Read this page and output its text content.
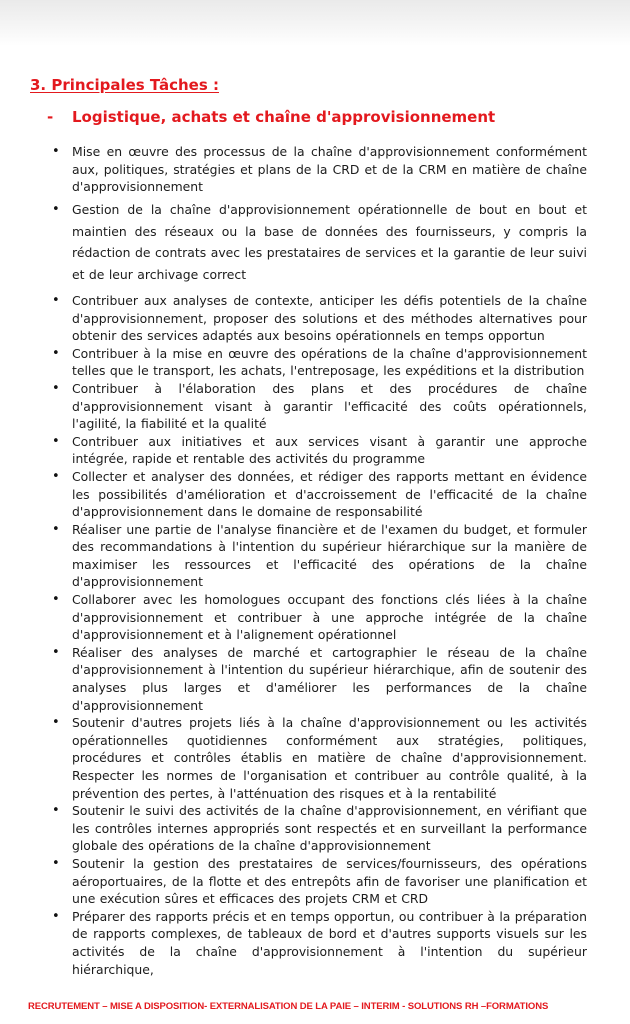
3. Principales Tâches :
-	Logistique, achats et chaîne d'approvisionnement
• Mise en œuvre des processus de la chaîne d'approvisionnement conformément aux, politiques, stratégies et plans de la CRD et de la CRM en matière de chaîne d'approvisionnement
• Gestion de la chaîne d'approvisionnement opérationnelle de bout en bout et maintien des réseaux ou la base de données des fournisseurs, y compris la rédaction de contrats avec les prestataires de services et la garantie de leur suivi et de leur archivage correct
• Contribuer aux analyses de contexte, anticiper les défis potentiels de la chaîne d'approvisionnement, proposer des solutions et des méthodes alternatives pour obtenir des services adaptés aux besoins opérationnels en temps opportun
• Contribuer à la mise en œuvre des opérations de la chaîne d'approvisionnement telles que le transport, les achats, l'entreposage, les expéditions et la distribution
• Contribuer à l'élaboration des plans et des procédures de chaîne d'approvisionnement visant à garantir l'efficacité des coûts opérationnels, l'agilité, la fiabilité et la qualité
• Contribuer aux initiatives et aux services visant à garantir une approche intégrée, rapide et rentable des activités du programme
• Collecter et analyser des données, et rédiger des rapports mettant en évidence les possibilités d'amélioration et d'accroissement de l'efficacité de la chaîne d'approvisionnement dans le domaine de responsabilité
• Réaliser une partie de l'analyse financière et de l'examen du budget, et formuler des recommandations à l'intention du supérieur hiérarchique sur la manière de maximiser les ressources et l'efficacité des opérations de la chaîne d'approvisionnement
• Collaborer avec les homologues occupant des fonctions clés liées à la chaîne d'approvisionnement et contribuer à une approche intégrée de la chaîne d'approvisionnement et à l'alignement opérationnel
• Réaliser des analyses de marché et cartographier le réseau de la chaîne d'approvisionnement à l'intention du supérieur hiérarchique, afin de soutenir des analyses plus larges et d'améliorer les performances de la chaîne d'approvisionnement
• Soutenir d'autres projets liés à la chaîne d'approvisionnement ou les activités opérationnelles quotidiennes conformément aux stratégies, politiques, procédures et contrôles établis en matière de chaîne d'approvisionnement. Respecter les normes de l'organisation et contribuer au contrôle qualité, à la prévention des pertes, à l'atténuation des risques et à la rentabilité
• Soutenir le suivi des activités de la chaîne d'approvisionnement, en vérifiant que les contrôles internes appropriés sont respectés et en surveillant la performance globale des opérations de la chaîne d'approvisionnement
• Soutenir la gestion des prestataires de services/fournisseurs, des opérations aéroportuaires, de la flotte et des entrepôts afin de favoriser une planification et une exécution sûres et efficaces des projets CRM et CRD
• Préparer des rapports précis et en temps opportun, ou contribuer à la préparation de rapports complexes, de tableaux de bord et d'autres supports visuels sur les activités de la chaîne d'approvisionnement à l'intention du supérieur hiérarchique,
RECRUTEMENT – MISE A DISPOSITION- EXTERNALISATION DE LA PAIE – INTERIM - SOLUTIONS RH –FORMATIONS
